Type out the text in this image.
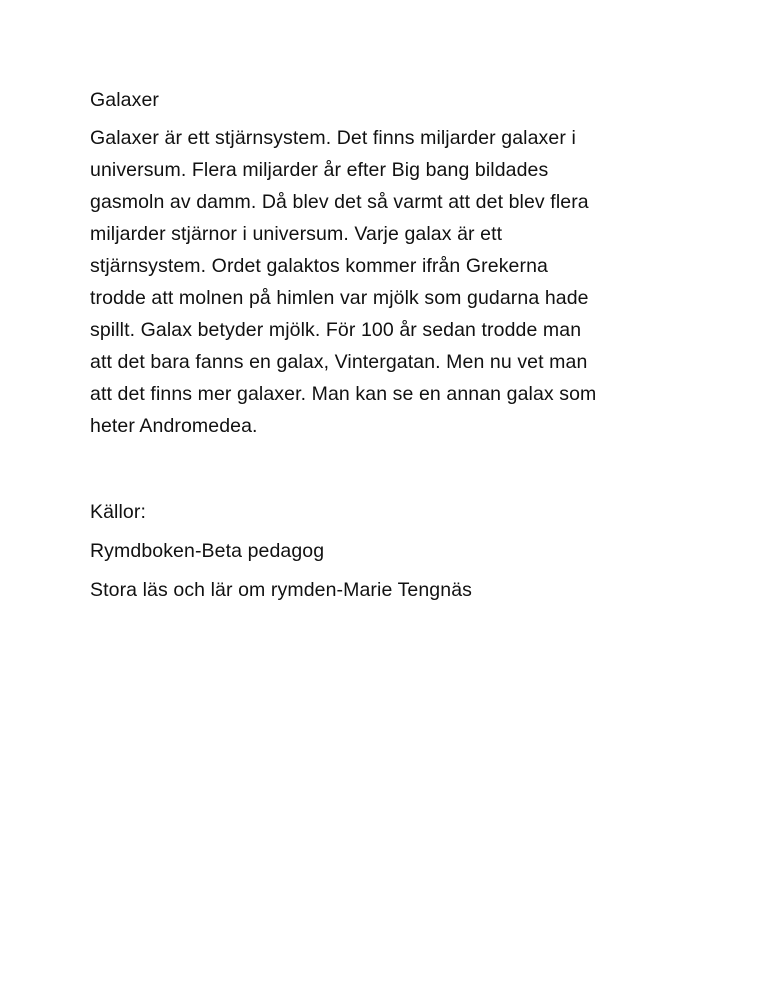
Galaxer
Galaxer är ett stjärnsystem. Det finns miljarder galaxer i
universum. Flera miljarder år efter Big bang bildades
gasmoln av damm. Då blev det så varmt att det blev flera
miljarder stjärnor i universum. Varje galax är ett
stjärnsystem. Ordet galaktos kommer ifrån Grekerna
trodde att molnen på himlen var mjölk som gudarna hade
spillt. Galax betyder mjölk. För 100 år sedan trodde man
att det bara fanns en galax, Vintergatan. Men nu vet man
att det finns mer galaxer. Man kan se en annan galax som
heter Andromedea.
Källor:
Rymdboken-Beta pedagog
Stora läs och lär om rymden-Marie Tengnäs
